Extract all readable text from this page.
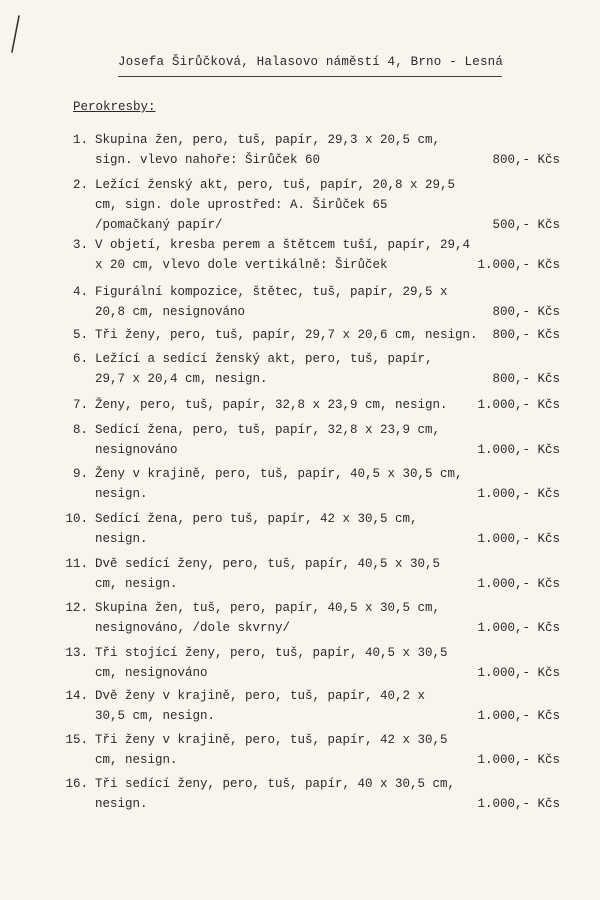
Josefa Širůčková, Halasovo náměstí 4, Brno - Lesná
Perokresby:
1. Skupina žen, pero, tuš, papír, 29,3 x 20,5 cm,
sign. vlevo nahoře: Širůček 60	800,- Kčs
2. Ležící ženský akt, pero, tuš, papír, 20,8 x 29,5
cm, sign. dole uprostřed: A. Širůček 65
/pomačkaný papír/	500,- Kčs
3. V objetí, kresba perem a štětcem tuší, papír, 29,4
x 20 cm, vlevo dole vertikálně: Širůček	1.000,- Kčs
4. Figurální kompozice, štětec, tuš, papír, 29,5 x
20,8 cm, nesignováno	800,- Kčs
5. Tři ženy, pero, tuš, papír, 29,7 x 20,6 cm, nesign.	800,- Kčs
6. Ležící a sedící ženský akt, pero, tuš, papír,
29,7 x 20,4 cm, nesign.	800,- Kčs
7. Ženy, pero, tuš, papír, 32,8 x 23,9 cm, nesign.	1.000,- Kčs
8. Sedící žena, pero, tuš, papír, 32,8 x 23,9 cm,
nesignováno	1.000,- Kčs
9. Ženy v krajině, pero, tuš, papír, 40,5 x 30,5 cm,
nesign.	1.000,- Kčs
10. Sedící žena, pero tuš, papír, 42 x 30,5 cm,
nesign.	1.000,- Kčs
11. Dvě sedící ženy, pero, tuš, papír, 40,5 x 30,5
cm, nesign.	1.000,- Kčs
12. Skupina žen, tuš, pero, papír, 40,5 x 30,5 cm,
nesignováno, /dole skvrny/	1.000,- Kčs
13. Tři stojící ženy, pero, tuš, papír, 40,5 x 30,5
cm, nesignováno	1.000,- Kčs
14. Dvě ženy v krajině, pero, tuš, papír, 40,2 x
30,5 cm, nesign.	1.000,- Kčs
15. Tři ženy v krajině, pero, tuš, papír, 42 x 30,5
cm, nesign.	1.000,- Kčs
16. Tři sedící ženy, pero, tuš, papír, 40 x 30,5 cm,
nesign.	1.000,- Kčs
